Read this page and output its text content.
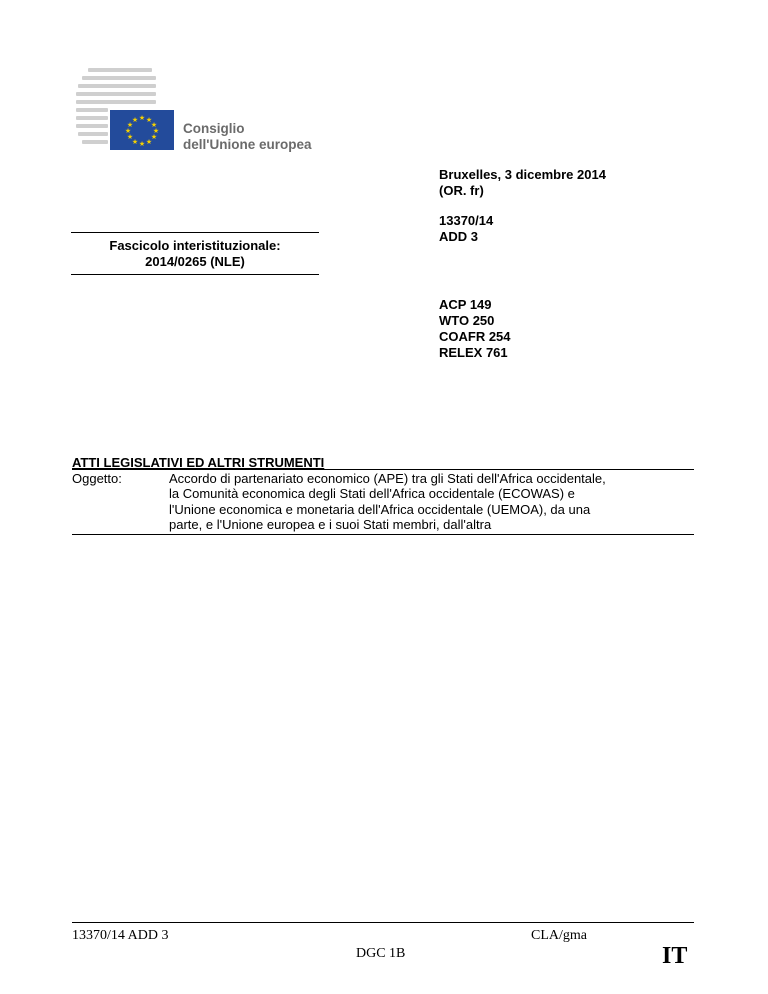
★ ★
★
★
★
★
★
★
★
★
★
★
Consiglio
dell'Unione europea
Bruxelles, 3 dicembre 2014
(OR. fr)
13370/14
ADD 3
Fascicolo interistituzionale:
2014/0265 (NLE)
ACP 149
WTO 250
COAFR 254
RELEX 761
ATTI LEGISLATIVI ED ALTRI STRUMENTI
Oggetto:	Accordo di partenariato economico (APE) tra gli Stati dell'Africa occidentale,
la Comunità economica degli Stati dell'Africa occidentale (ECOWAS) e
l'Unione economica e monetaria dell'Africa occidentale (UEMOA), da una
parte, e l'Unione europea e i suoi Stati membri, dall'altra
13370/14 ADD 3	CLA/gma
DGC 1B	IT
